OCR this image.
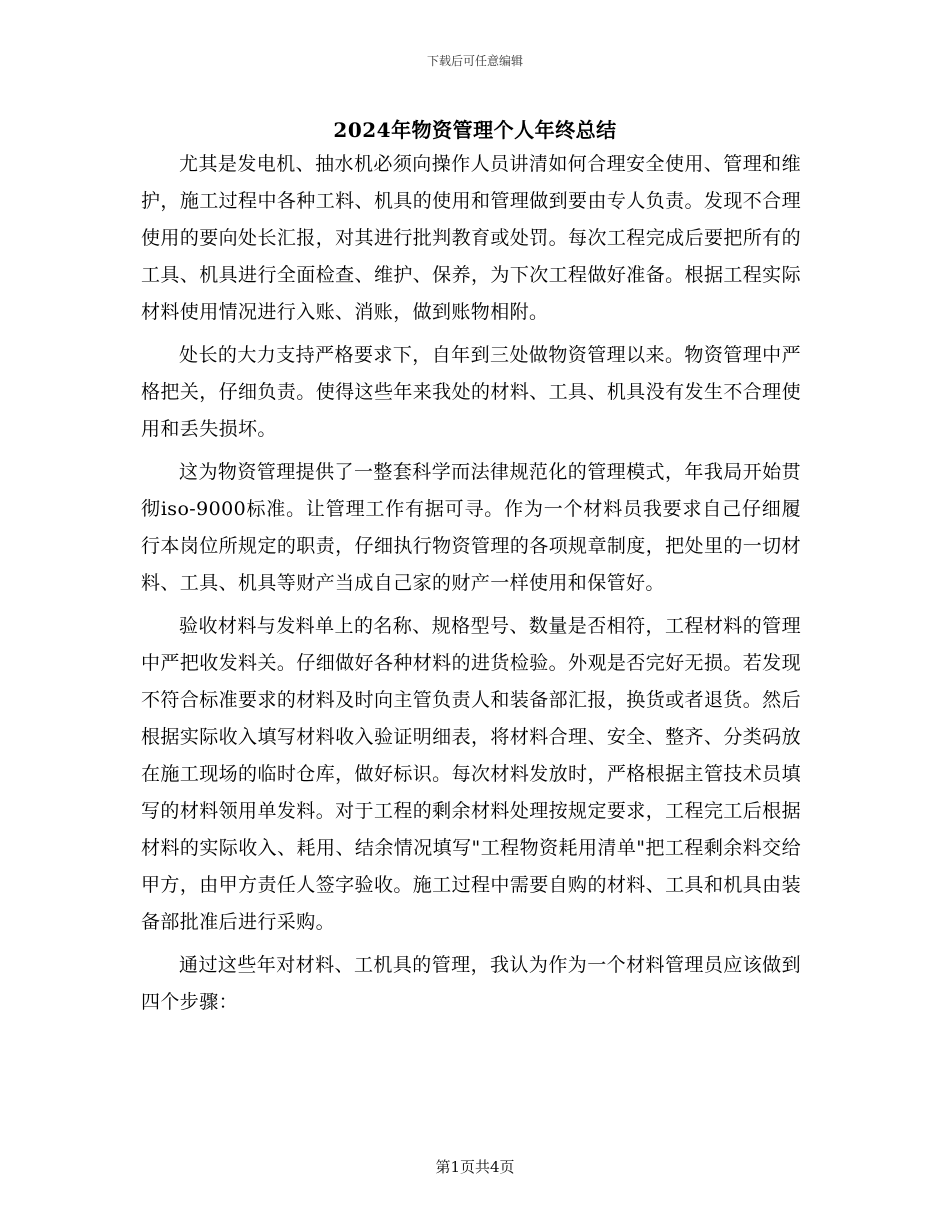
下载后可任意编辑
2024年物资管理个人年终总结

尤其是发电机、抽水机必须向操作人员讲清如何合理安全使用、管理和维护，施工过程中各种工料、机具的使用和管理做到要由专人负责。发现不合理使用的要向处长汇报，对其进行批判教育或处罚。每次工程完成后要把所有的工具、机具进行全面检查、维护、保养，为下次工程做好准备。根据工程实际材料使用情况进行入账、消账，做到账物相附。

处长的大力支持严格要求下，自年到三处做物资管理以来。物资管理中严格把关，仔细负责。使得这些年来我处的材料、工具、机具没有发生不合理使用和丢失损坏。

这为物资管理提供了一整套科学而法律规范化的管理模式，年我局开始贯彻iso-9000标准。让管理工作有据可寻。作为一个材料员我要求自己仔细履行本岗位所规定的职责，仔细执行物资管理的各项规章制度，把处里的一切材料、工具、机具等财产当成自己家的财产一样使用和保管好。

验收材料与发料单上的名称、规格型号、数量是否相符，工程材料的管理中严把收发料关。仔细做好各种材料的进货检验。外观是否完好无损。若发现不符合标准要求的材料及时向主管负责人和装备部汇报，换货或者退货。然后根据实际收入填写材料收入验证明细表，将材料合理、安全、整齐、分类码放在施工现场的临时仓库，做好标识。每次材料发放时，严格根据主管技术员填写的材料领用单发料。对于工程的剩余材料处理按规定要求，工程完工后根据材料的实际收入、耗用、结余情况填写"工程物资耗用清单"把工程剩余料交给甲方，由甲方责任人签字验收。施工过程中需要自购的材料、工具和机具由装备部批准后进行采购。

通过这些年对材料、工机具的管理，我认为作为一个材料管理员应该做到四个步骤：

第1页共4页
